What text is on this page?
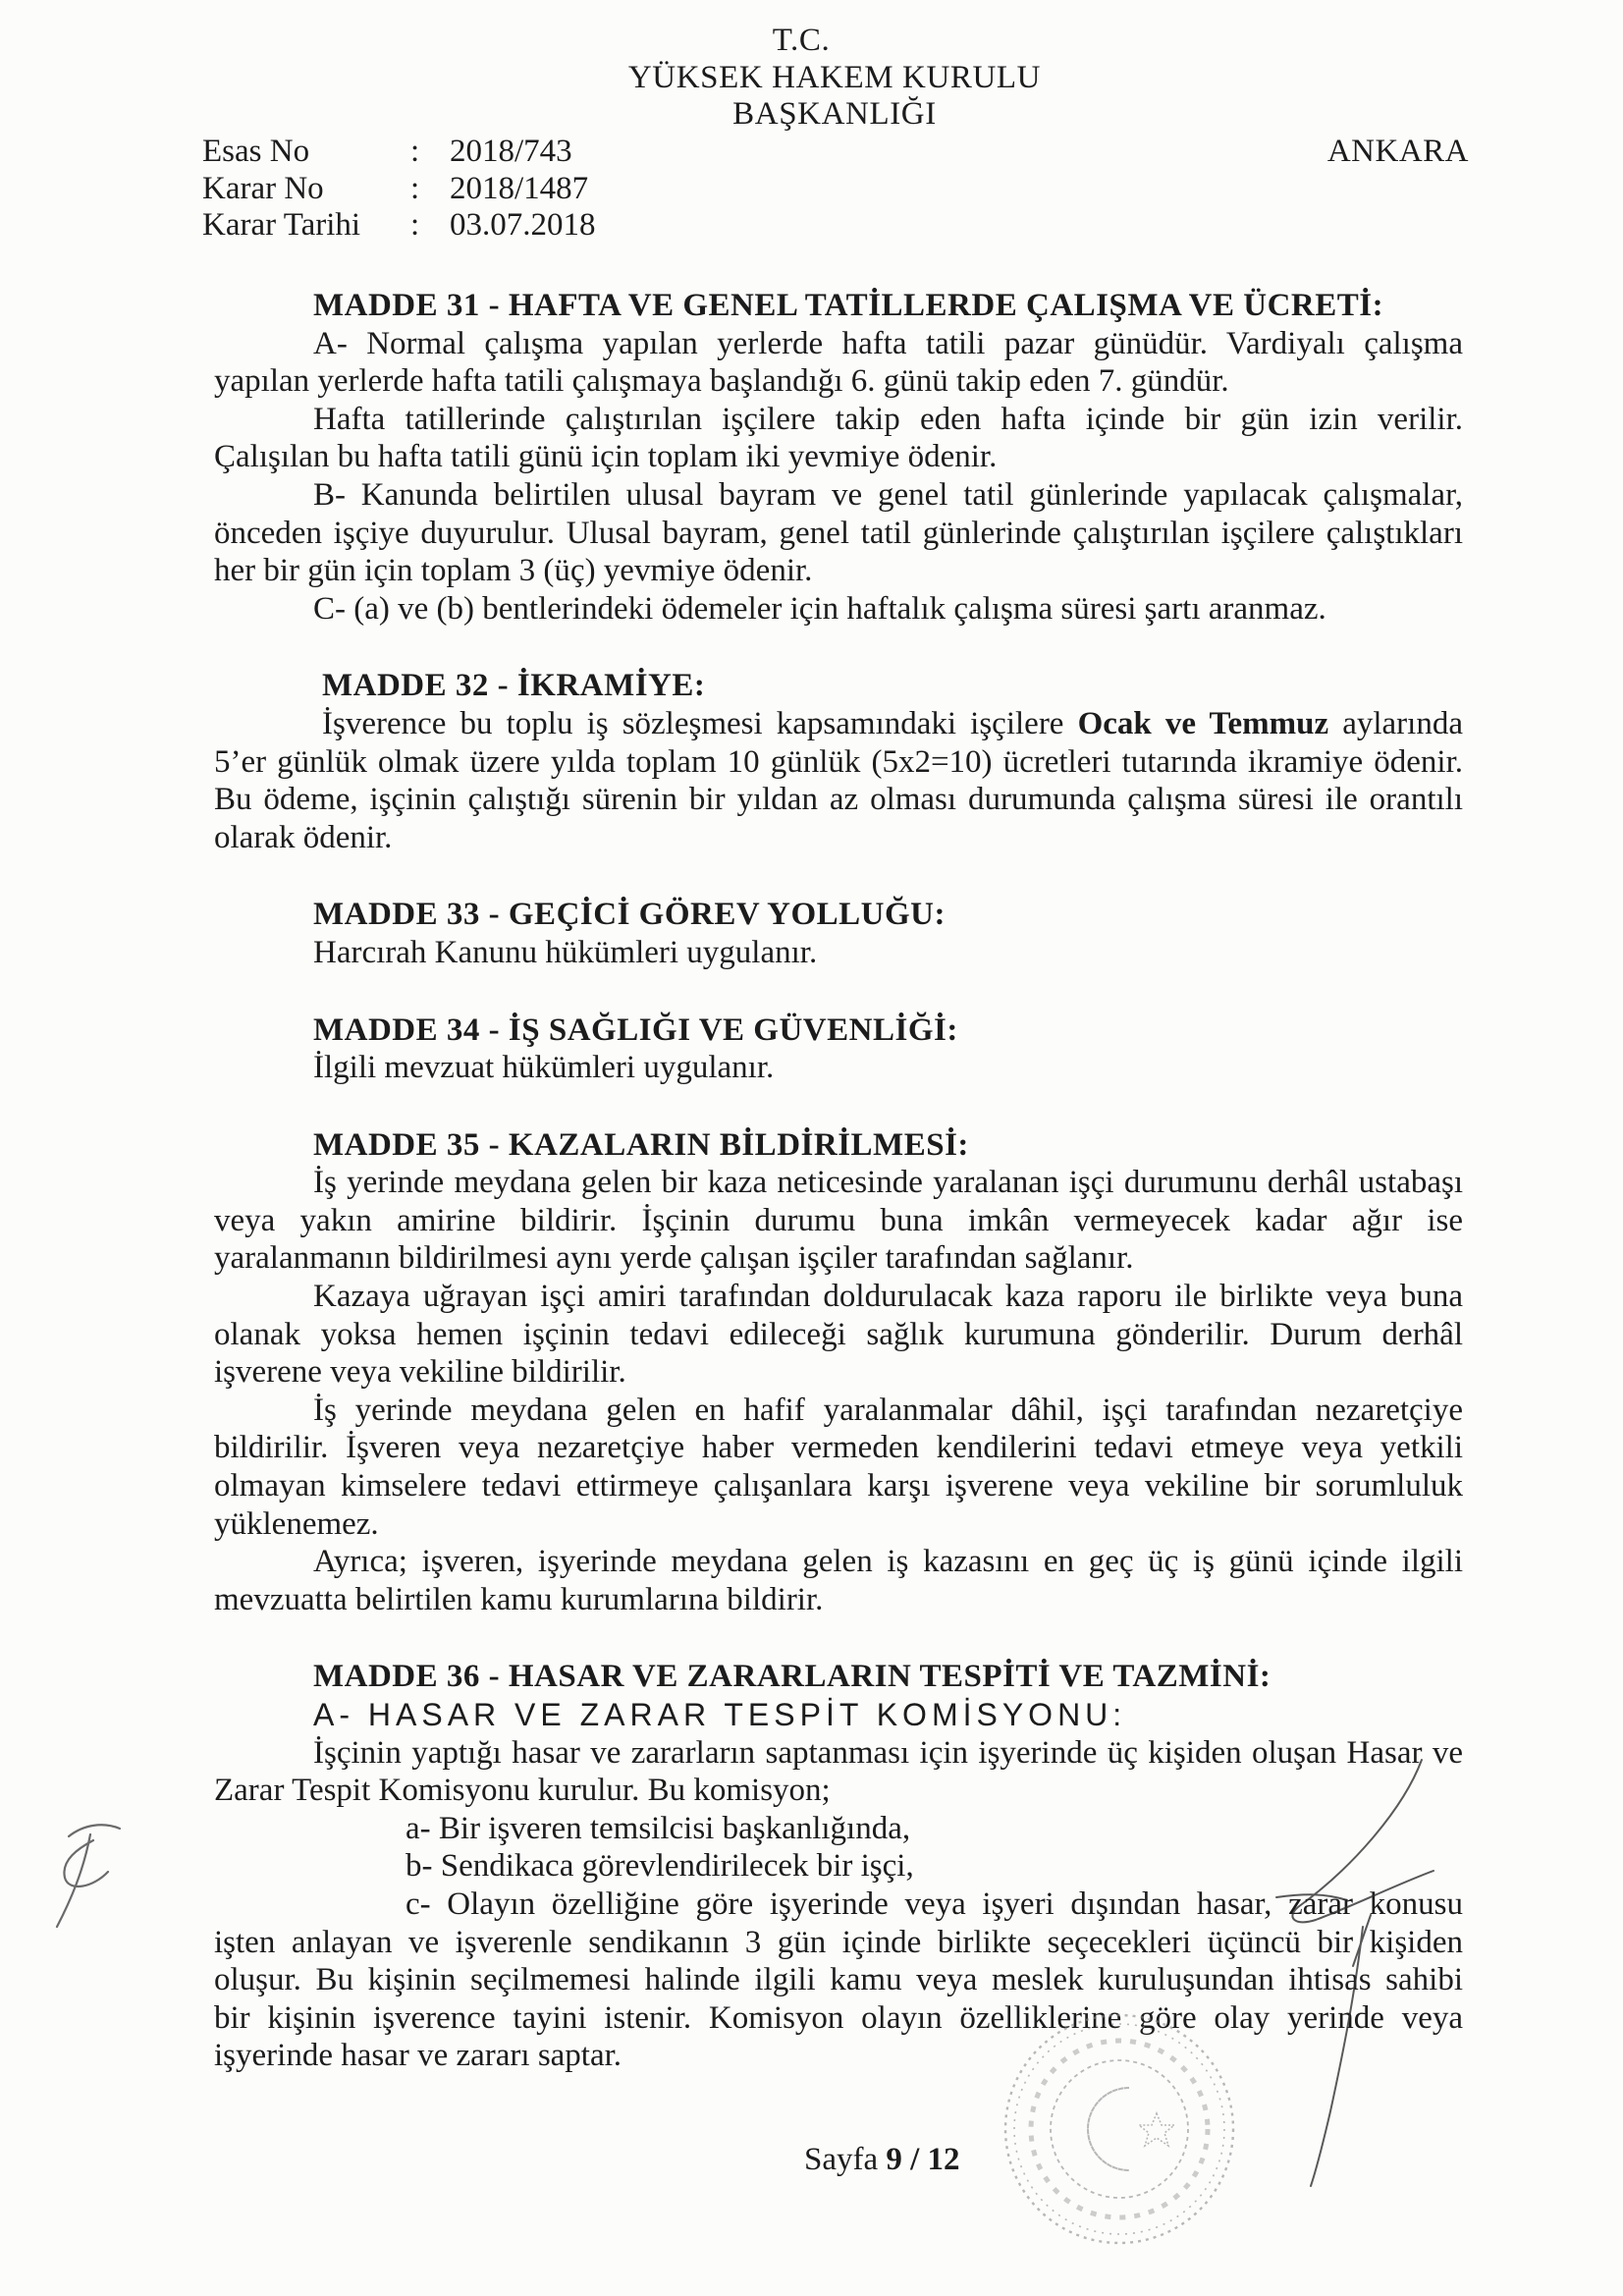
T.C.
YÜKSEK HAKEM KURULU
BAŞKANLIĞI
Esas No	: 2018/743
Karar No	: 2018/1487
Karar Tarihi : 03.07.2018
ANKARA
MADDE 31 - HAFTA VE GENEL TATİLLERDE ÇALIŞMA VE ÜCRETİ:
A- Normal çalışma yapılan yerlerde hafta tatili pazar günüdür. Vardiyalı çalışma
yapılan yerlerde hafta tatili çalışmaya başlandığı 6. günü takip eden 7. gündür.
Hafta tatillerinde çalıştırılan işçilere takip eden hafta içinde bir gün izin verilir.
Çalışılan bu hafta tatili günü için toplam iki yevmiye ödenir.
B- Kanunda belirtilen ulusal bayram ve genel tatil günlerinde yapılacak çalışmalar,
önceden işçiye duyurulur. Ulusal bayram, genel tatil günlerinde çalıştırılan işçilere çalıştıkları
her bir gün için toplam 3 (üç) yevmiye ödenir.
C- (a) ve (b) bentlerindeki ödemeler için haftalık çalışma süresi şartı aranmaz.
MADDE 32 - İKRAMİYE:
İşverence bu toplu iş sözleşmesi kapsamındaki işçilere Ocak ve Temmuz aylarında
5’er günlük olmak üzere yılda toplam 10 günlük (5x2=10) ücretleri tutarında ikramiye ödenir.
Bu ödeme, işçinin çalıştığı sürenin bir yıldan az olması durumunda çalışma süresi ile orantılı
olarak ödenir.
MADDE 33 - GEÇİCİ GÖREV YOLLUĞU:
Harcırah Kanunu hükümleri uygulanır.
MADDE 34 - İŞ SAĞLIĞI VE GÜVENLİĞİ:
İlgili mevzuat hükümleri uygulanır.
MADDE 35 - KAZALARIN BİLDİRİLMESİ:
İş yerinde meydana gelen bir kaza neticesinde yaralanan işçi durumunu derhâl ustabaşı
veya yakın amirine bildirir. İşçinin durumu buna imkân vermeyecek kadar ağır ise
yaralanmanın bildirilmesi aynı yerde çalışan işçiler tarafından sağlanır.
Kazaya uğrayan işçi amiri tarafından doldurulacak kaza raporu ile birlikte veya buna
olanak yoksa hemen işçinin tedavi edileceği sağlık kurumuna gönderilir. Durum derhâl
işverene veya vekiline bildirilir.
İş yerinde meydana gelen en hafif yaralanmalar dâhil, işçi tarafından nezaretçiye
bildirilir. İşveren veya nezaretçiye haber vermeden kendilerini tedavi etmeye veya yetkili
olmayan kimselere tedavi ettirmeye çalışanlara karşı işverene veya vekiline bir sorumluluk
yüklenemez.
Ayrıca; işveren, işyerinde meydana gelen iş kazasını en geç üç iş günü içinde ilgili
mevzuatta belirtilen kamu kurumlarına bildirir.
MADDE 36 - HASAR VE ZARARLARIN TESPİTİ VE TAZMİNİ:
A- HASAR VE ZARAR TESPİT KOMİSYONU:
İşçinin yaptığı hasar ve zararların saptanması için işyerinde üç kişiden oluşan Hasar ve
Zarar Tespit Komisyonu kurulur. Bu komisyon;
a- Bir işveren temsilcisi başkanlığında,
b- Sendikaca görevlendirilecek bir işçi,
c- Olayın özelliğine göre işyerinde veya işyeri dışından hasar, zarar konusu
işten anlayan ve işverenle sendikanın 3 gün içinde birlikte seçecekleri üçüncü bir kişiden
oluşur. Bu kişinin seçilmemesi halinde ilgili kamu veya meslek kuruluşundan ihtisas sahibi
bir kişinin işverence tayini istenir. Komisyon olayın özelliklerine göre olay yerinde veya
işyerinde hasar ve zararı saptar.
Sayfa 9 / 12
